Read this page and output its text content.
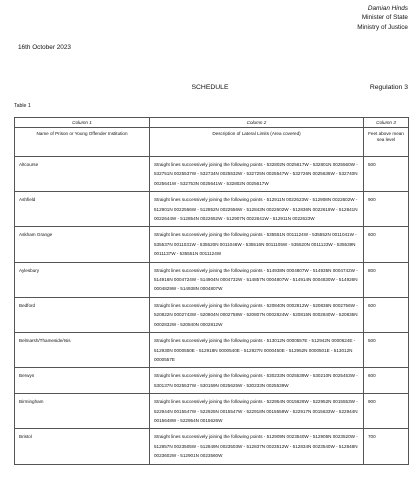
Damian Hinds
Minister of State
Ministry of Justice
16th October 2023
SCHEDULE	Regulation 3
Table 1
Column 1	Column 2	Column 3
Name of Prison or Young Offender Institution	Description of Lateral Limits (Area covered)	Feet above mean sea level
Altcourse	Straight lines successively joining the following points - 532802N 0025617W - 532801N 0025560W - 532751N 0025537W - 532734N 0025532W - 532725N 0025547W - 532726N 0025636W - 532740N 0025641W - 532753N 0025641W - 532802N 0025617W	500
Ashfield	Straight lines successively joining the following points - 512911N 0022623W - 512908N 0022602W - 512901N 0022556W - 512852N 0022556W - 512843N 0022602W - 512836N 0022619W - 512841N 0022644W - 512854N 0022652W - 512907N 0022641W - 512911N 0022623W	900
Askham Grange	Straight lines successively joining the following points - 535551N 0011124W - 535552N 0011041W - 535537N 0011031W - 535520N 0011046W - 535516N 0011105W - 535520N 0011123W - 535539N 0011137W - 535551N 0011124W	600
Aylesbury	Straight lines successively joining the following points - 514938N 0004807W - 514935N 0004742W - 514916N 0004724W - 514904N 0004732W - 514857N 0004807W - 514914N 0004830W - 514926N 0004829W - 514938N 0004807W	800
Bedford	Straight lines successively joining the following points - 520840N 0002812W - 520836N 0002756W - 520822N 0002743W - 520804N 0002758W - 520807N 0002824W - 520815N 0002840W - 520835N 0002832W - 520840N 0002812W	600
Belmarsh/Thameside/Isis	Straight lines successively joining the following points - 513012N 0000557E - 512942N 0000624E - 512930N 0000550E - 512918N 0000540E - 512927N 0000450E - 512952N 0000501E - 513012N 0000557E	500
Berwyn	Straight lines successively joining the following points - 530233N 0025539W - 530210N 0025453W - 530137N 0025537W - 530159N 0025625W - 530233N 0025539W	600
Birmingham	Straight lines successively joining the following points - 522954N 0015626W - 522952N 0015553W - 522944N 0015547W - 522925N 0015547W - 522918N 0015558W - 522917N 0015633W - 522944N 0015648W - 522954N 0015626W	900
Bristol	Straight lines successively joining the following points - 512909N 0023540W - 512905N 0023520W - 512857N 0023505W - 512849N 0023503W - 512837N 0023512W - 512834N 0023540W - 512848N 0023602W - 512901N 0023560W	700
